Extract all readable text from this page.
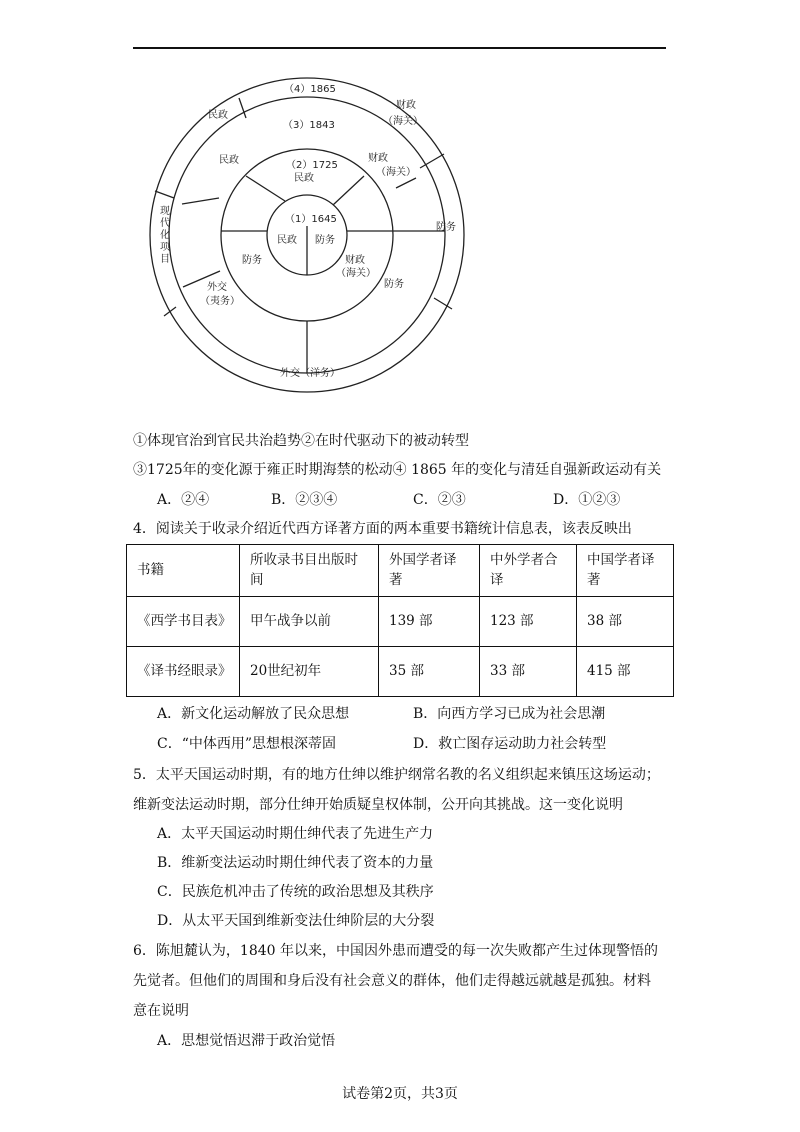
（4）1865
民政
财政
（海关）
防务
外交（洋务）
（3）1843
民政	财政
（海关）
防务
外交
（夷务）
（2）1725
民政
防务	财政
（海关）
（1）1645
民政 防务
现代化项目
①体现官治到官民共治趋势②在时代驱动下的被动转型
③1725年的变化源于雍正时期海禁的松动④ 1865 年的变化与清廷自强新政运动有关
A．②④	B．②③④	C．②③	D．①②③
4．阅读关于收录介绍近代西方译著方面的两本重要书籍统计信息表，该表反映出
书籍	所收录书目出版时间	外国学者译著	中外学者合译	中国学者译著
《西学书目表》	甲午战争以前	139 部	123 部	38 部
《译书经眼录》	20世纪初年	35 部	33 部	415 部
A．新文化运动解放了民众思想	B．向西方学习已成为社会思潮
C．“中体西用”思想根深蒂固	D．救亡图存运动助力社会转型
5．太平天国运动时期，有的地方仕绅以维护纲常名教的名义组织起来镇压这场运动；
维新变法运动时期，部分仕绅开始质疑皇权体制，公开向其挑战。这一变化说明
A．太平天国运动时期仕绅代表了先进生产力
B．维新变法运动时期仕绅代表了资本的力量
C．民族危机冲击了传统的政治思想及其秩序
D．从太平天国到维新变法仕绅阶层的大分裂
6．陈旭麓认为，1840 年以来，中国因外患而遭受的每一次失败都产生过体现警悟的
先觉者。但他们的周围和身后没有社会意义的群体，他们走得越远就越是孤独。材料
意在说明
A．思想觉悟迟滞于政治觉悟
试卷第2页，共3页
